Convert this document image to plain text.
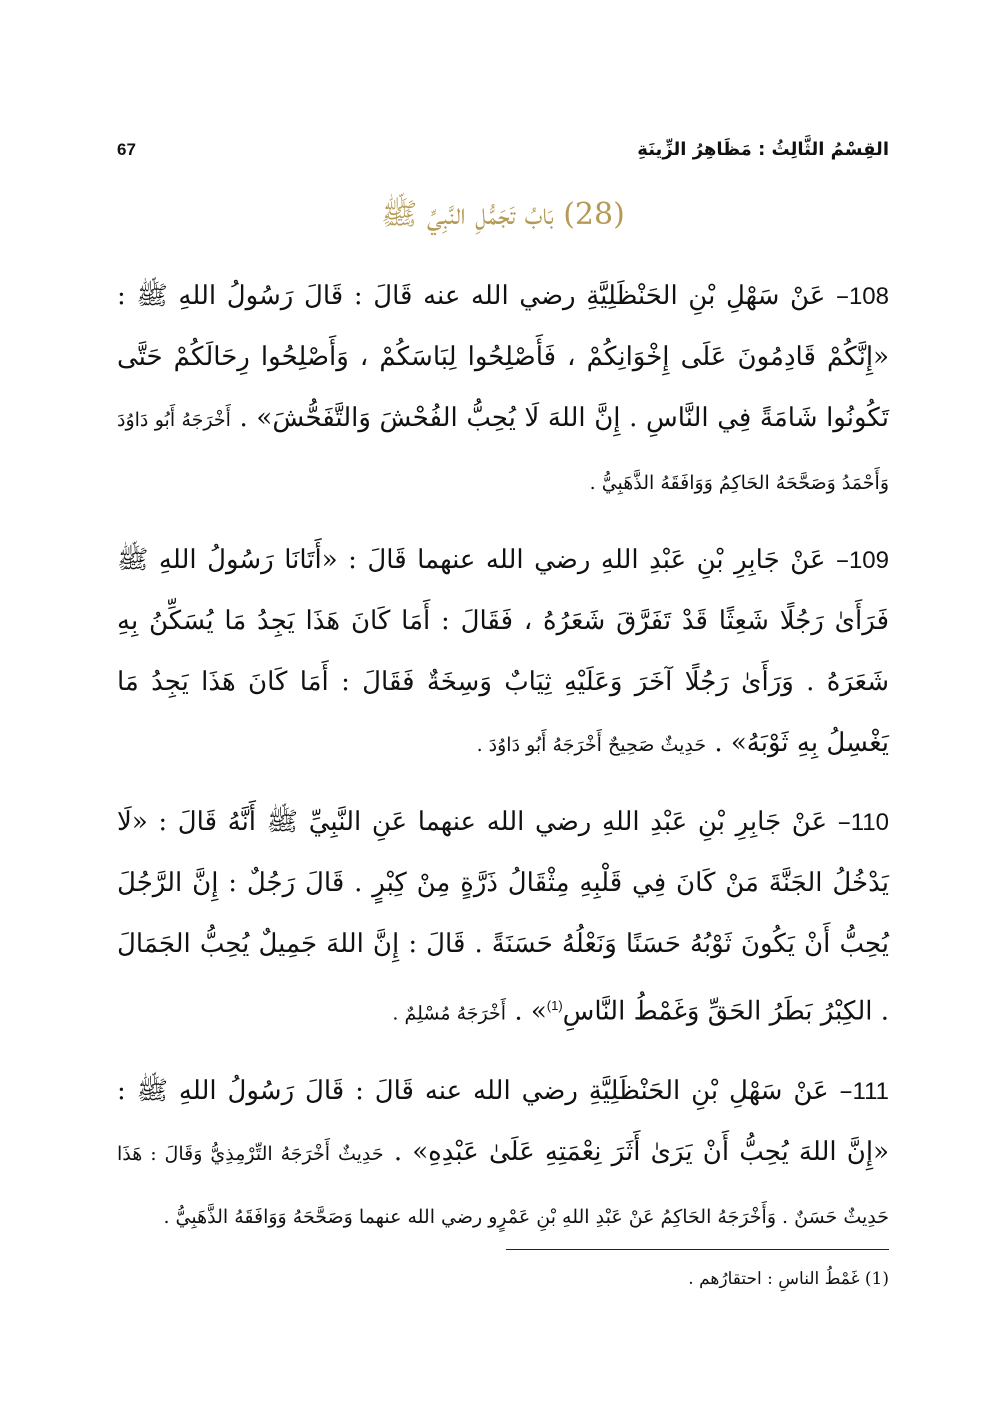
القِسْمُ الثَّالِثُ : مَظَاهِرُ الزِّينَةِ
67
(28) بَابُ تَجَمُّلِ النَّبِيِّ ﷺ

108– عَنْ سَهْلِ بْنِ الحَنْظَلِيَّةِ رضي الله عنه قَالَ : قَالَ رَسُولُ اللهِ ﷺ : «إِنَّكُمْ قَادِمُونَ عَلَى إِخْوَانِكُمْ ، فَأَصْلِحُوا لِبَاسَكُمْ ، وَأَصْلِحُوا رِحَالَكُمْ حَتَّى تَكُونُوا شَامَةً فِي النَّاسِ . إِنَّ اللهَ لَا يُحِبُّ الفُحْشَ وَالتَّفَحُّشَ» . أَخْرَجَهُ أَبُو دَاوُدَ وَأَحْمَدُ وَصَحَّحَهُ الحَاكِمُ وَوَافَقَهُ الذَّهَبِيُّ .

109– عَنْ جَابِرِ بْنِ عَبْدِ اللهِ رضي الله عنهما قَالَ : «أَتَانَا رَسُولُ اللهِ ﷺ فَرَأَىٰ رَجُلًا شَعِثًا قَدْ تَفَرَّقَ شَعَرُهُ ، فَقَالَ : أَمَا كَانَ هَذَا يَجِدُ مَا يُسَكِّنُ بِهِ شَعَرَهُ . وَرَأَىٰ رَجُلًا آخَرَ وَعَلَيْهِ ثِيَابٌ وَسِخَةٌ فَقَالَ : أَمَا كَانَ هَذَا يَجِدُ مَا يَغْسِلُ بِهِ ثَوْبَهُ» . حَدِيثٌ صَحِيحٌ أَخْرَجَهُ أَبُو دَاوُدَ .

110– عَنْ جَابِرِ بْنِ عَبْدِ اللهِ رضي الله عنهما عَنِ النَّبِيِّ ﷺ أَنَّهُ قَالَ : «لَا يَدْخُلُ الجَنَّةَ مَنْ كَانَ فِي قَلْبِهِ مِثْقَالُ ذَرَّةٍ مِنْ كِبْرٍ . قَالَ رَجُلٌ : إِنَّ الرَّجُلَ يُحِبُّ أَنْ يَكُونَ ثَوْبُهُ حَسَنًا وَنَعْلُهُ حَسَنَةً . قَالَ : إِنَّ اللهَ جَمِيلٌ يُحِبُّ الجَمَالَ . الكِبْرُ بَطَرُ الحَقِّ وَغَمْطُ النَّاسِ$^{(1)}$» . أَخْرَجَهُ مُسْلِمٌ .

111– عَنْ سَهْلِ بْنِ الحَنْظَلِيَّةِ رضي الله عنه قَالَ : قَالَ رَسُولُ اللهِ ﷺ : «إِنَّ اللهَ يُحِبُّ أَنْ يَرَىٰ أَثَرَ نِعْمَتِهِ عَلَىٰ عَبْدِهِ» . حَدِيثٌ أَخْرَجَهُ التِّرْمِذِيُّ وَقَالَ : هَذَا حَدِيثٌ حَسَنٌ . وَأَخْرَجَهُ الحَاكِمُ عَنْ عَبْدِ اللهِ بْنِ عَمْرٍو رضي الله عنهما وَصَحَّحَهُ وَوَافَقَهُ الذَّهَبِيُّ .

(1) غَمْطُ الناسِ : احتقارُهم .
